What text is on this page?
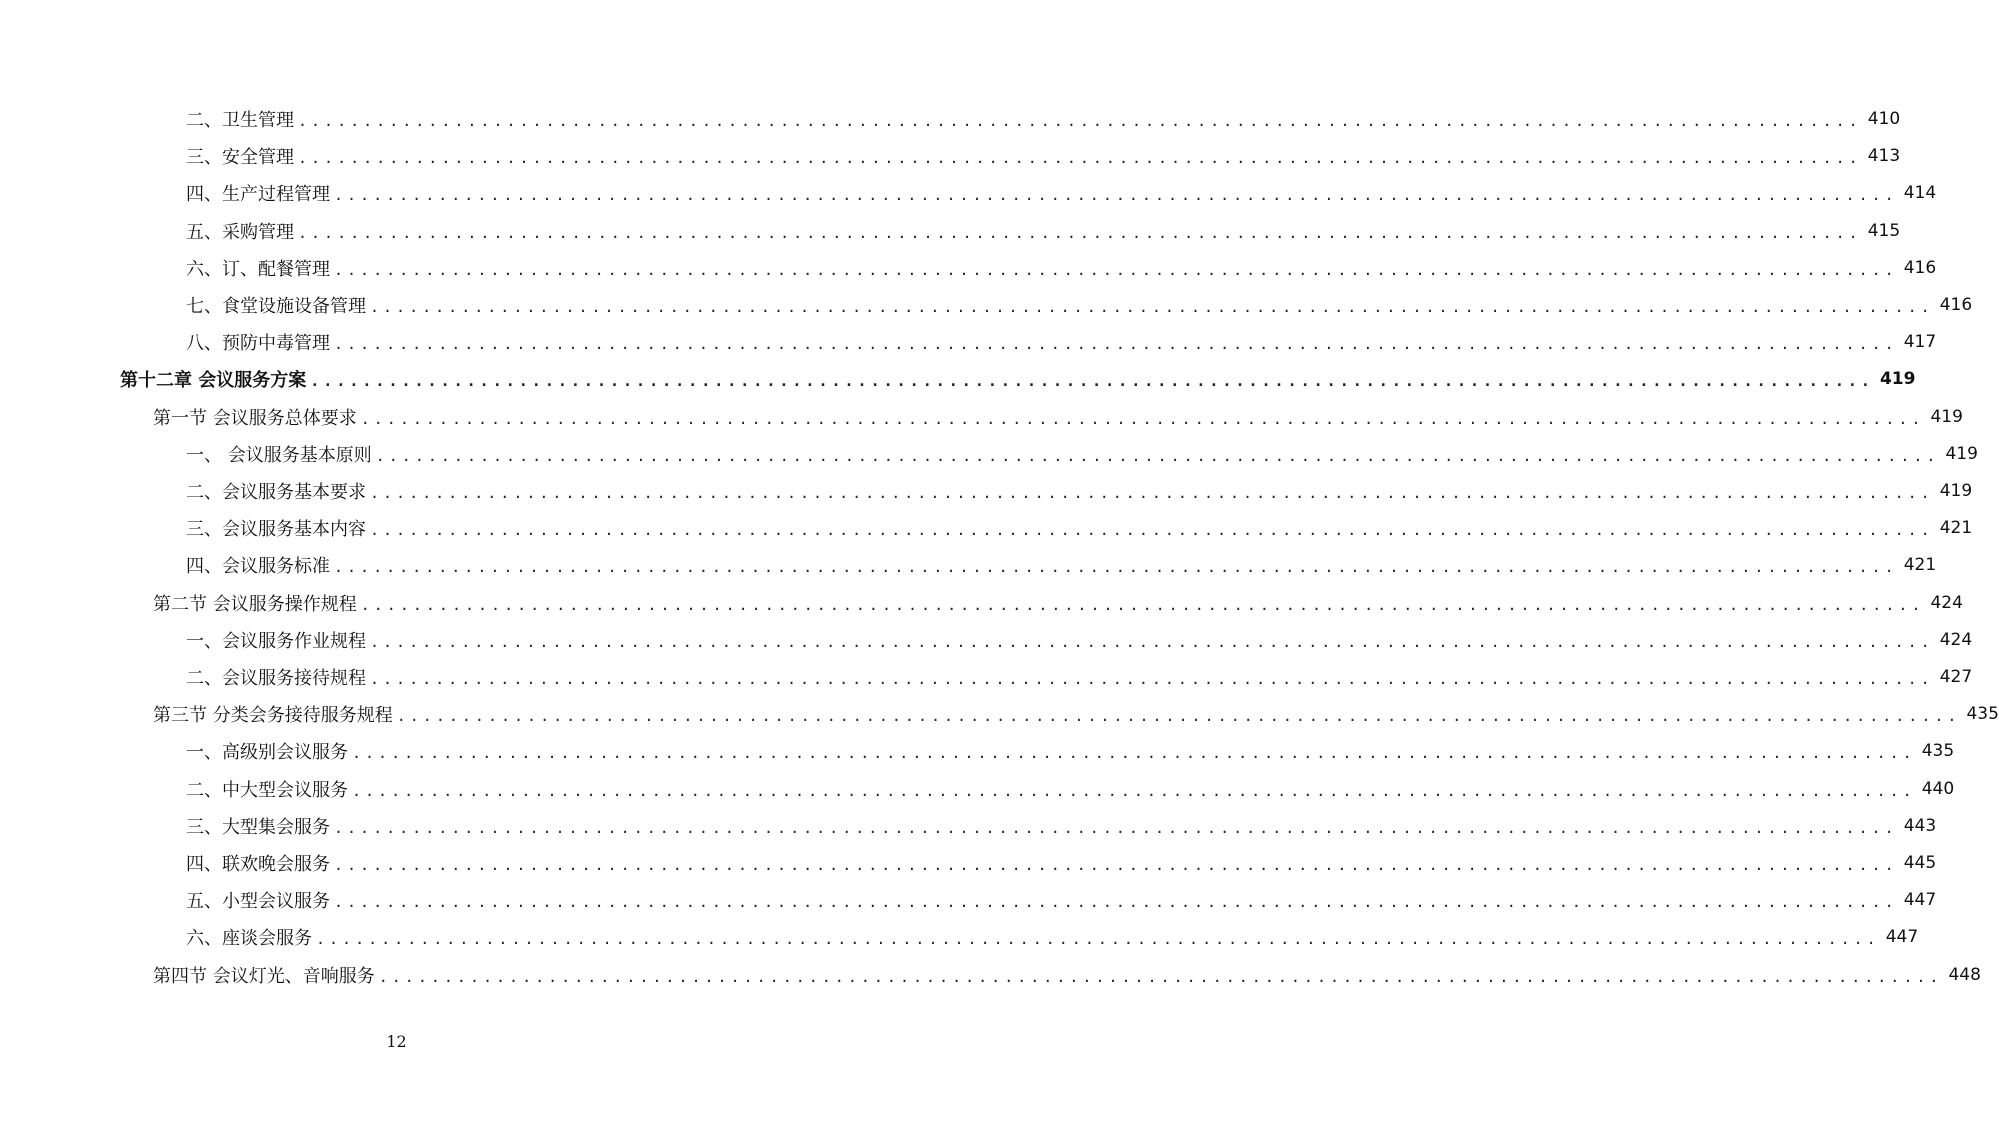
二、卫生管理 ........................................................................................................................ 410
三、安全管理 ........................................................................................................................ 413
四、生产过程管理 ........................................................................................................................ 414
五、采购管理 ........................................................................................................................ 415
六、订、配餐管理 ........................................................................................................................ 416
七、食堂设施设备管理 ........................................................................................................................ 416
八、预防中毒管理 ........................................................................................................................ 417
第十二章 会议服务方案 ........................................................................................................................ 419
第一节 会议服务总体要求 ........................................................................................................................ 419
一、 会议服务基本原则 ........................................................................................................................ 419
二、会议服务基本要求 ........................................................................................................................ 419
三、会议服务基本内容 ........................................................................................................................ 421
四、会议服务标准 ........................................................................................................................ 421
第二节 会议服务操作规程 ........................................................................................................................ 424
一、会议服务作业规程 ........................................................................................................................ 424
二、会议服务接待规程 ........................................................................................................................ 427
第三节 分类会务接待服务规程 ........................................................................................................................ 435
一、高级别会议服务 ........................................................................................................................ 435
二、中大型会议服务 ........................................................................................................................ 440
三、大型集会服务 ........................................................................................................................ 443
四、联欢晚会服务 ........................................................................................................................ 445
五、小型会议服务 ........................................................................................................................ 447
六、座谈会服务 ........................................................................................................................ 447
第四节 会议灯光、音响服务 ........................................................................................................................ 448
12
